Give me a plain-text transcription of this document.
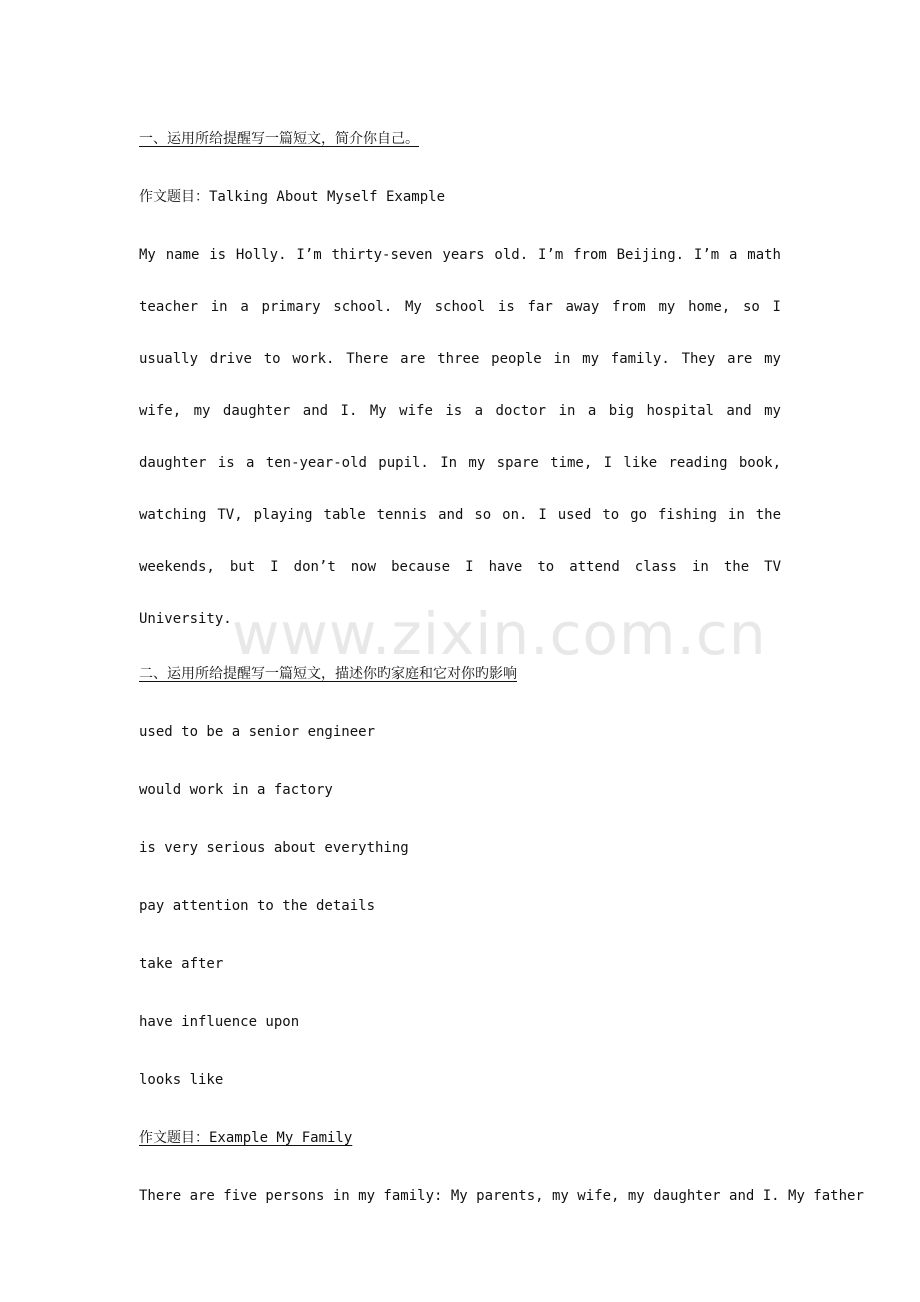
一、运用所给提醒写一篇短文，简介你自己。
作文题目：Talking About Myself Example
My name is Holly. I’m thirty-seven years old. I’m from Beijing. I’m a math teacher in a primary school. My school is far away from my home, so I usually drive to work. There are three people in my family. They are my wife, my daughter and I. My wife is a doctor in a big hospital and my daughter is a ten-year-old pupil. In my spare time, I like reading book, watching TV, playing table tennis and so on. I used to go fishing in the weekends, but I don’t now because I have to attend class in the TV University.
二、运用所给提醒写一篇短文，描述你旳家庭和它对你旳影响
used to be a senior engineer
would work in a factory
is very serious about everything
pay attention to the details
take after
have influence upon
looks like
作文题目：Example My Family
There are five persons in my family: My parents, my wife, my daughter and I. My father
www.zixin.com.cn
